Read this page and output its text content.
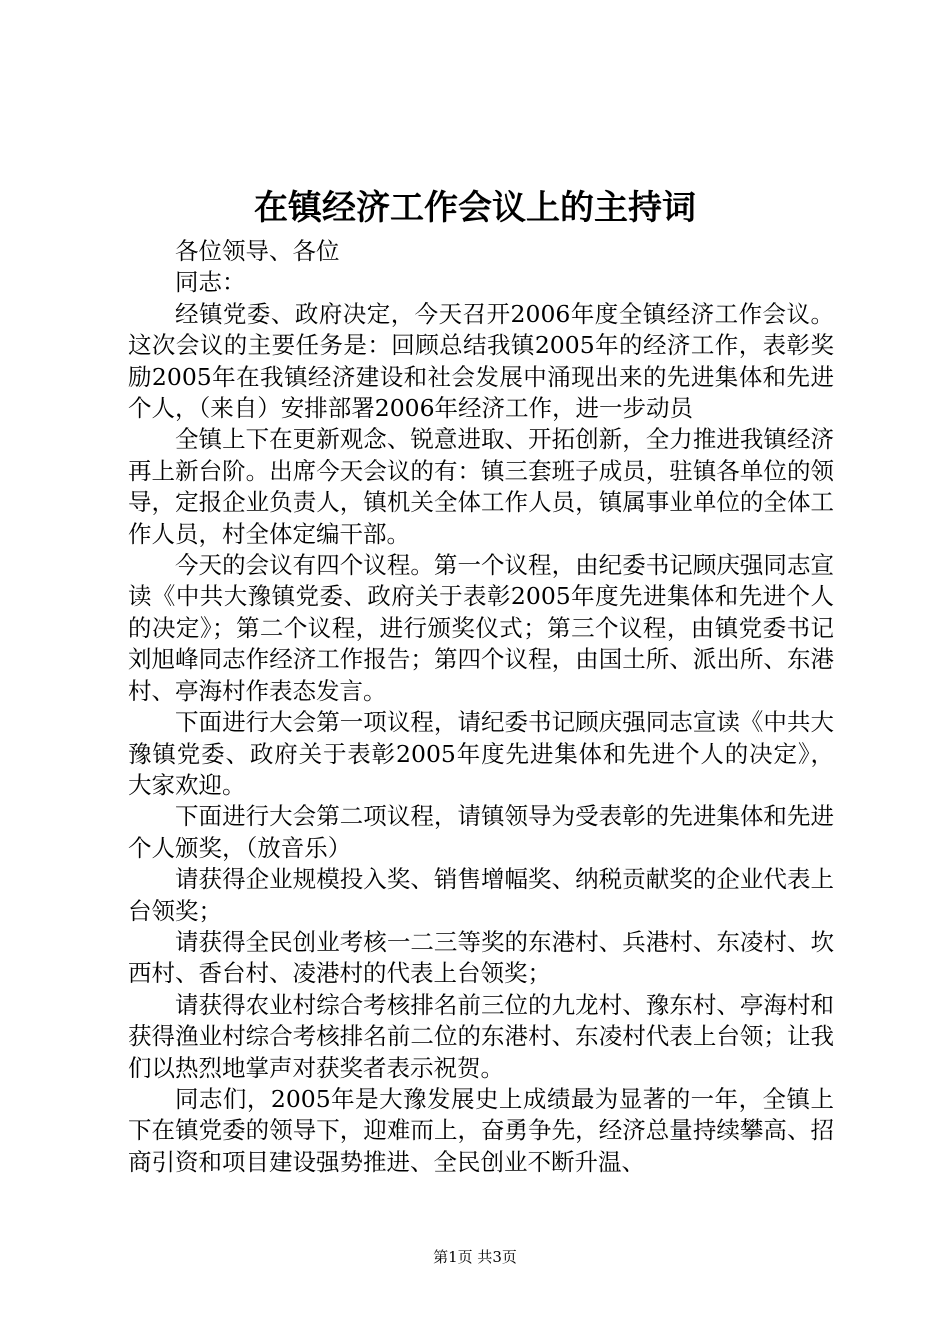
在镇经济工作会议上的主持词

各位领导、各位

同志：

经镇党委、政府决定，今天召开2006年度全镇经济工作会议。这次会议的主要任务是：回顾总结我镇2005年的经济工作，表彰奖励2005年在我镇经济建设和社会发展中涌现出来的先进集体和先进个人，（来自）安排部署2006年经济工作，进一步动员

全镇上下在更新观念、锐意进取、开拓创新，全力推进我镇经济再上新台阶。出席今天会议的有：镇三套班子成员，驻镇各单位的领导，定报企业负责人，镇机关全体工作人员，镇属事业单位的全体工作人员，村全体定编干部。

今天的会议有四个议程。第一个议程，由纪委书记顾庆强同志宣读《中共大豫镇党委、政府关于表彰2005年度先进集体和先进个人的决定》；第二个议程，进行颁奖仪式；第三个议程，由镇党委书记刘旭峰同志作经济工作报告；第四个议程，由国土所、派出所、东港村、亭海村作表态发言。

下面进行大会第一项议程，请纪委书记顾庆强同志宣读《中共大豫镇党委、政府关于表彰2005年度先进集体和先进个人的决定》，大家欢迎。

下面进行大会第二项议程，请镇领导为受表彰的先进集体和先进个人颁奖，（放音乐）

请获得企业规模投入奖、销售增幅奖、纳税贡献奖的企业代表上台领奖；

请获得全民创业考核一二三等奖的东港村、兵港村、东凌村、坎西村、香台村、凌港村的代表上台领奖；

请获得农业村综合考核排名前三位的九龙村、豫东村、亭海村和获得渔业村综合考核排名前二位的东港村、东凌村代表上台领；让我们以热烈地掌声对获奖者表示祝贺。

同志们，2005年是大豫发展史上成绩最为显著的一年，全镇上下在镇党委的领导下，迎难而上，奋勇争先，经济总量持续攀高、招商引资和项目建设强势推进、全民创业不断升温、

第1页 共3页
